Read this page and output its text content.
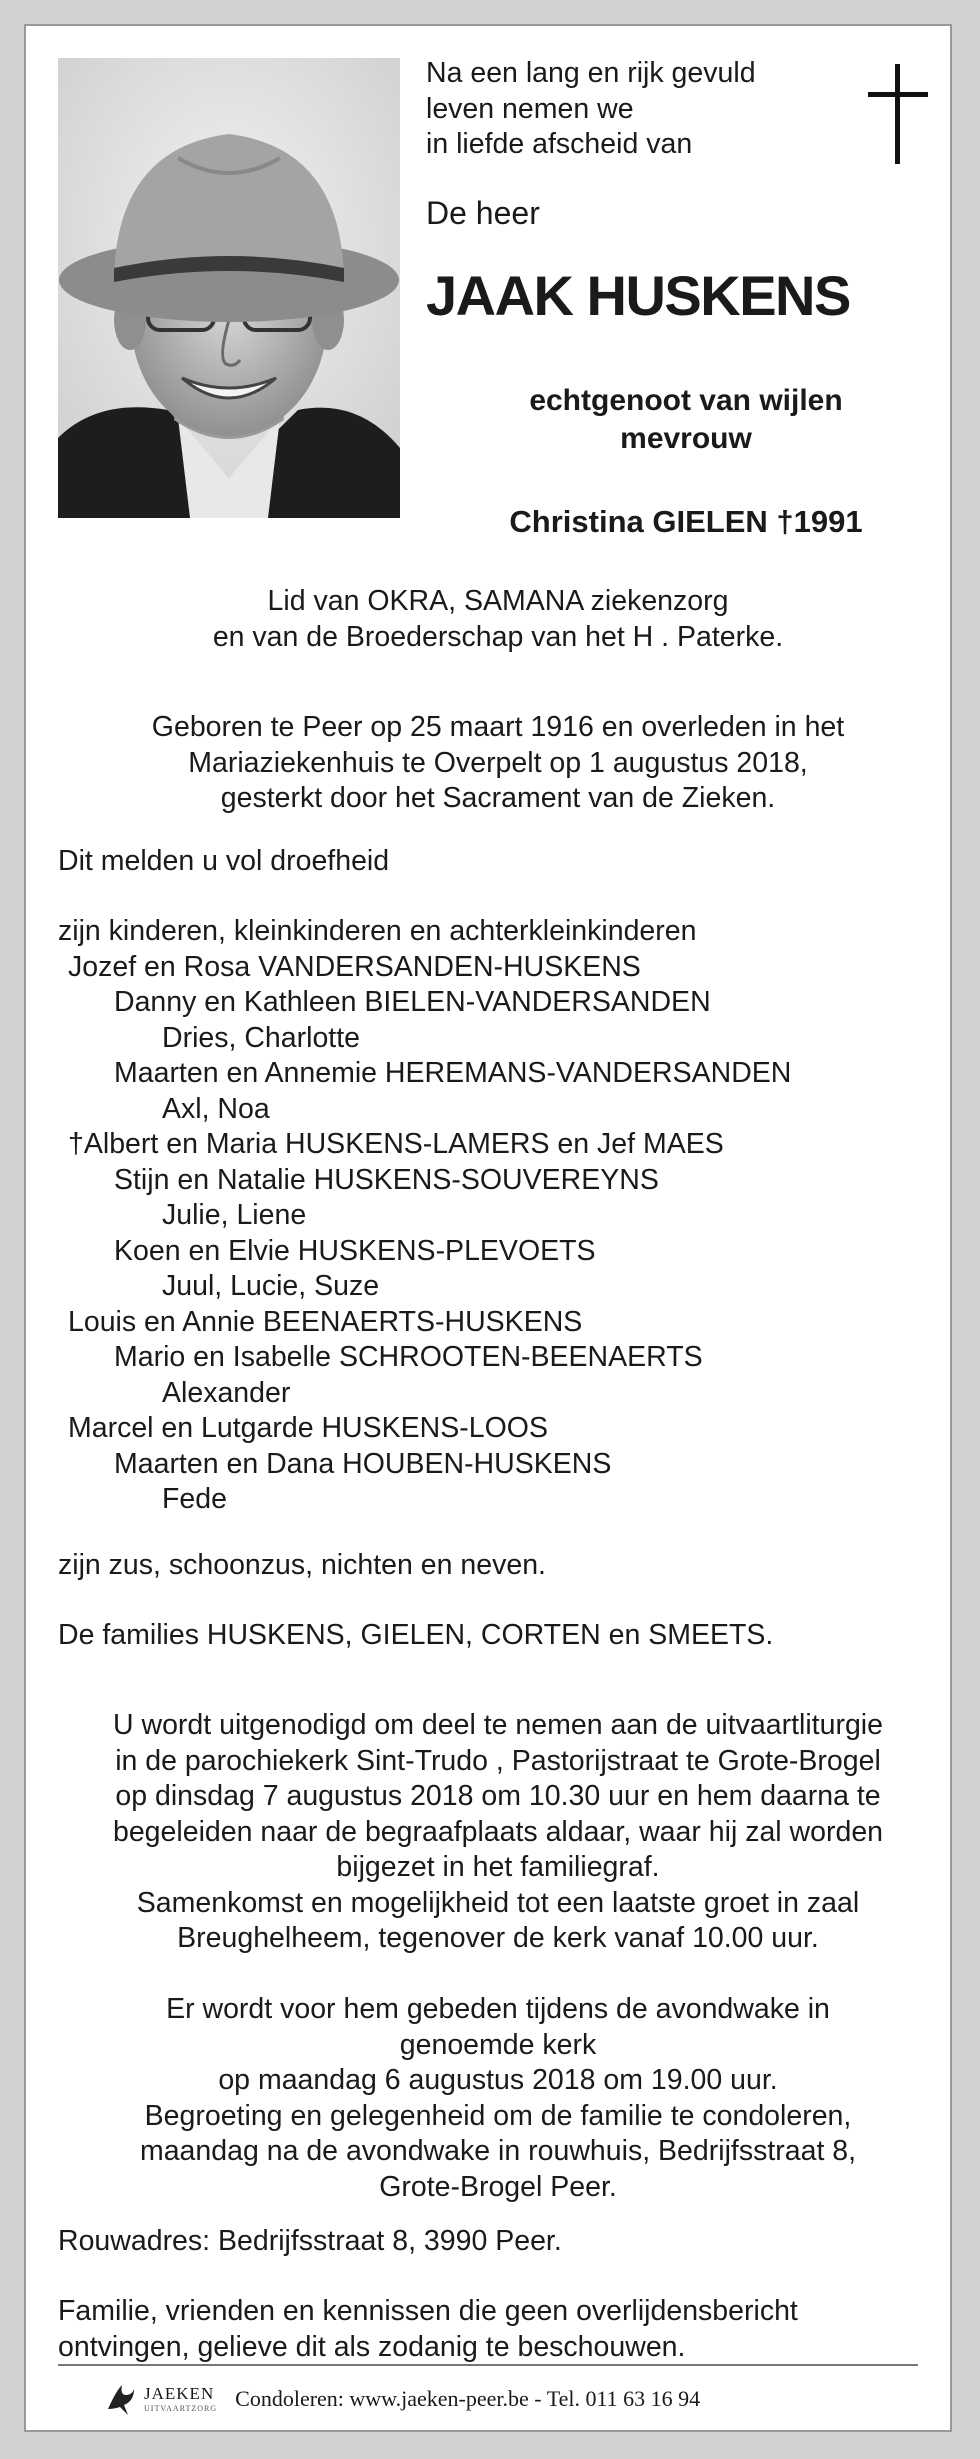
Na een lang en rijk gevuld

leven nemen we

in liefde afscheid van

De heer
JAAK HUSKENS
echtgenoot van wijlen
mevrouw
Christina GIELEN †1991

Lid van OKRA, SAMANA ziekenzorg

en van de Broederschap van het H . Paterke.

Geboren te Peer op 25 maart 1916 en overleden in het

Mariaziekenhuis te Overpelt op 1 augustus 2018,

gesterkt door het Sacrament van de Zieken.

Dit melden u vol droefheid

zijn kinderen, kleinkinderen en achterkleinkinderen

Jozef en Rosa VANDERSANDEN-HUSKENS

Danny en Kathleen BIELEN-VANDERSANDEN

Dries, Charlotte

Maarten en Annemie HEREMANS-VANDERSANDEN

Axl, Noa

†Albert en Maria HUSKENS-LAMERS en Jef MAES

Stijn en Natalie HUSKENS-SOUVEREYNS

Julie, Liene

Koen en Elvie HUSKENS-PLEVOETS

Juul, Lucie, Suze

Louis en Annie BEENAERTS-HUSKENS

Mario en Isabelle SCHROOTEN-BEENAERTS

Alexander

Marcel en Lutgarde HUSKENS-LOOS

Maarten en Dana HOUBEN-HUSKENS

Fede

zijn zus, schoonzus, nichten en neven.
De families HUSKENS, GIELEN, CORTEN en SMEETS.

U wordt uitgenodigd om deel te nemen aan de uitvaartliturgie

in de parochiekerk Sint-Trudo , Pastorijstraat te Grote-Brogel

op dinsdag 7 augustus 2018 om 10.30 uur en hem daarna te

begeleiden naar de begraafplaats aldaar, waar hij zal worden

bijgezet in het familiegraf.

Samenkomst en mogelijkheid tot een laatste groet in zaal

Breughelheem, tegenover de kerk vanaf 10.00 uur.

Er wordt voor hem gebeden tijdens de avondwake in

genoemde kerk

op maandag 6 augustus 2018 om 19.00 uur.

Begroeting en gelegenheid om de familie te condoleren,

maandag na de avondwake in rouwhuis, Bedrijfsstraat 8,

Grote-Brogel Peer.

Rouwadres: Bedrijfsstraat 8, 3990 Peer.

Familie, vrienden en kennissen die geen overlijdensbericht

ontvingen, gelieve dit als zodanig te beschouwen.

JAEKEN
UITVAARTZORG Condoleren: www.jaeken-peer.be - Tel. 011 63 16 94
